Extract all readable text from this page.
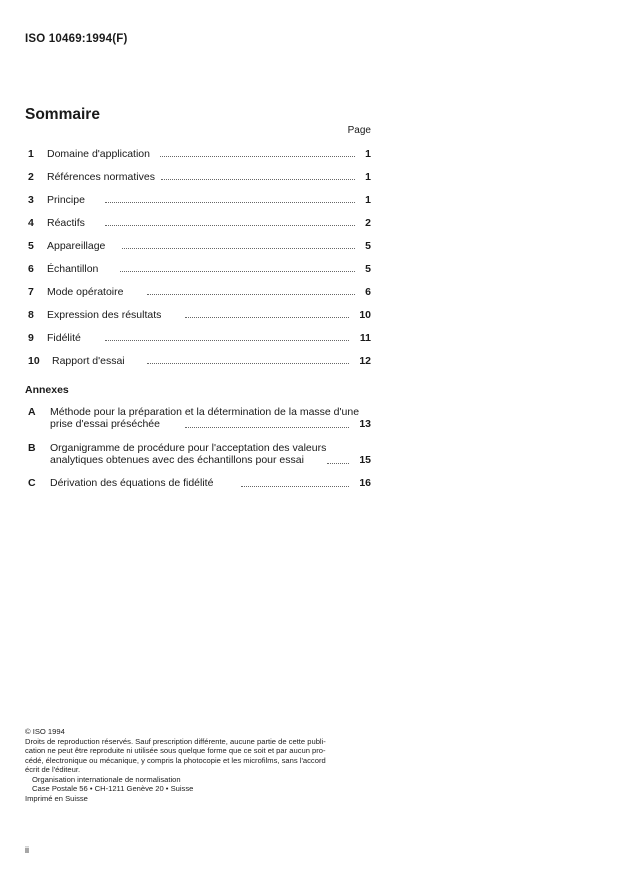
ISO 10469:1994(F)
Sommaire
Page
1 Domaine d'application	1
2 Références normatives	1
3 Principe	1
4 Réactifs	2
5 Appareillage	5
6 Échantillon	5
7 Mode opératoire	6
8 Expression des résultats	10
9 Fidélité	11
10 Rapport d'essai	12
Annexes
A Méthode pour la préparation et la détermination de la masse d'une
prise d'essai préséchée	13
B Organigramme de procédure pour l'acceptation des valeurs
analytiques obtenues avec des échantillons pour essai	15
C Dérivation des équations de fidélité	16
© ISO 1994
Droits de reproduction réservés. Sauf prescription différente, aucune partie de cette publi-
cation ne peut être reproduite ni utilisée sous quelque forme que ce soit et par aucun pro-
cédé, électronique ou mécanique, y compris la photocopie et les microfilms, sans l'accord
écrit de l'éditeur.
Organisation internationale de normalisation
Case Postale 56 • CH-1211 Genève 20 • Suisse
Imprimé en Suisse
ii
